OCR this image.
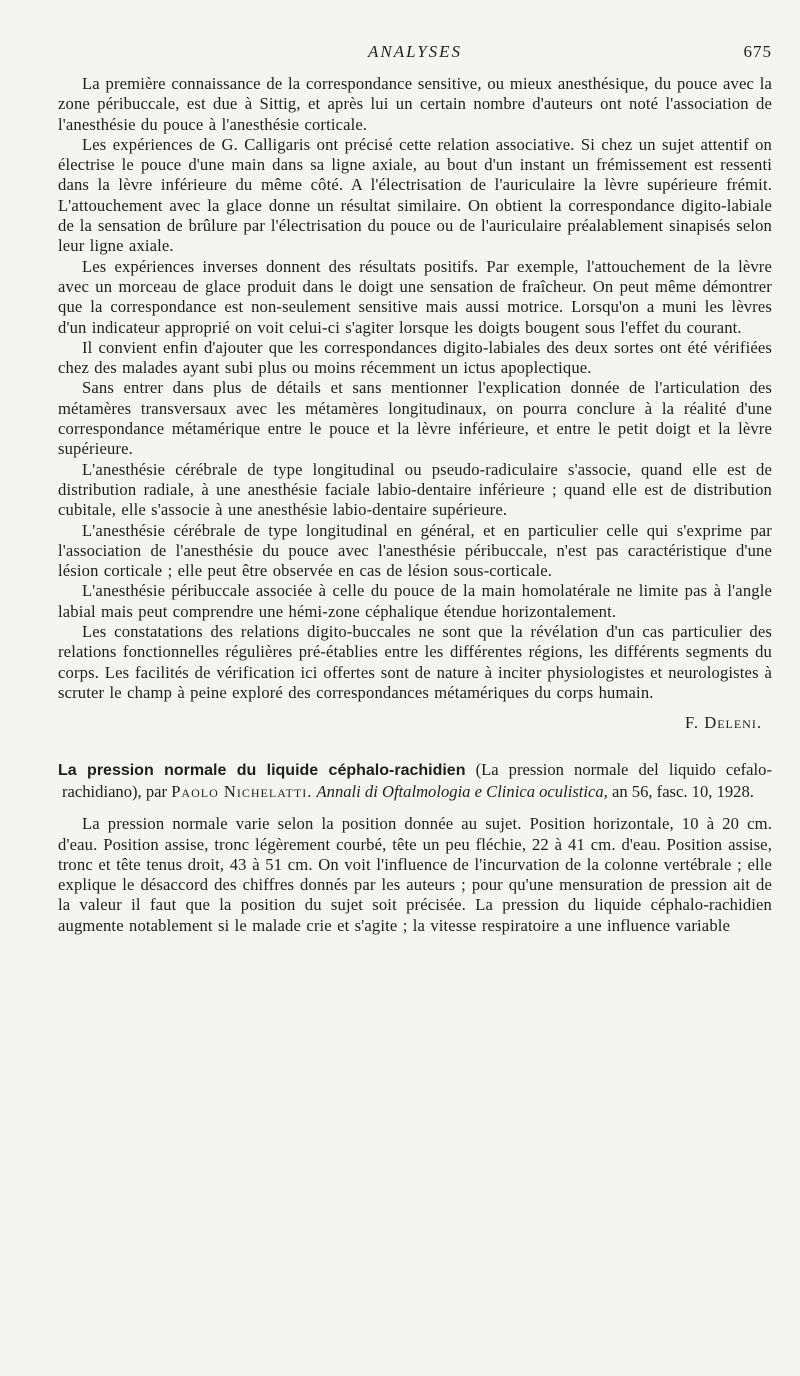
ANALYSES	675

La première connaissance de la correspondance sensitive, ou mieux anesthésique, du pouce avec la zone péribuccale, est due à Sittig, et après lui un certain nombre d'auteurs ont noté l'association de l'anesthésie du pouce à l'anesthésie corticale.

Les expériences de G. Calligaris ont précisé cette relation associative. Si chez un sujet attentif on électrise le pouce d'une main dans sa ligne axiale, au bout d'un instant un frémissement est ressenti dans la lèvre inférieure du même côté. A l'électrisation de l'auriculaire la lèvre supérieure frémit. L'attouchement avec la glace donne un résultat similaire. On obtient la correspondance digito-labiale de la sensation de brûlure par l'électrisation du pouce ou de l'auriculaire préalablement sinapisés selon leur ligne axiale.

Les expériences inverses donnent des résultats positifs. Par exemple, l'attouchement de la lèvre avec un morceau de glace produit dans le doigt une sensation de fraîcheur. On peut même démontrer que la correspondance est non-seulement sensitive mais aussi motrice. Lorsqu'on a muni les lèvres d'un indicateur approprié on voit celui-ci s'agiter lorsque les doigts bougent sous l'effet du courant.

Il convient enfin d'ajouter que les correspondances digito-labiales des deux sortes ont été vérifiées chez des malades ayant subi plus ou moins récemment un ictus apoplectique.

Sans entrer dans plus de détails et sans mentionner l'explication donnée de l'articulation des métamères transversaux avec les métamères longitudinaux, on pourra conclure à la réalité d'une correspondance métamérique entre le pouce et la lèvre inférieure, et entre le petit doigt et la lèvre supérieure.

L'anesthésie cérébrale de type longitudinal ou pseudo-radiculaire s'associe, quand elle est de distribution radiale, à une anesthésie faciale labio-dentaire inférieure ; quand elle est de distribution cubitale, elle s'associe à une anesthésie labio-dentaire supérieure.

L'anesthésie cérébrale de type longitudinal en général, et en particulier celle qui s'exprime par l'association de l'anesthésie du pouce avec l'anesthésie péribuccale, n'est pas caractéristique d'une lésion corticale ; elle peut être observée en cas de lésion sous-corticale.

L'anesthésie péribuccale associée à celle du pouce de la main homolatérale ne limite pas à l'angle labial mais peut comprendre une hémi-zone céphalique étendue horizontalement.

Les constatations des relations digito-buccales ne sont que la révélation d'un cas particulier des relations fonctionnelles régulières pré-établies entre les différentes régions, les différents segments du corps. Les facilités de vérification ici offertes sont de nature à inciter physiologistes et neurologistes à scruter le champ à peine exploré des correspondances métamériques du corps humain.

F. Deleni.
La pression normale du liquide céphalo-rachidien (La pression normale del liquido cefalo-rachidiano), par Paolo Nichelatti. Annali di Oftalmologia e Clinica oculistica, an 56, fasc. 10, 1928.

La pression normale varie selon la position donnée au sujet. Position horizontale, 10 à 20 cm. d'eau. Position assise, tronc légèrement courbé, tête un peu fléchie, 22 à 41 cm. d'eau. Position assise, tronc et tête tenus droit, 43 à 51 cm. On voit l'influence de l'incurvation de la colonne vertébrale ; elle explique le désaccord des chiffres donnés par les auteurs ; pour qu'une mensuration de pression ait de la valeur il faut que la position du sujet soit précisée. La pression du liquide céphalo-rachidien augmente notablement si le malade crie et s'agite ; la vitesse respiratoire a une influence variable
